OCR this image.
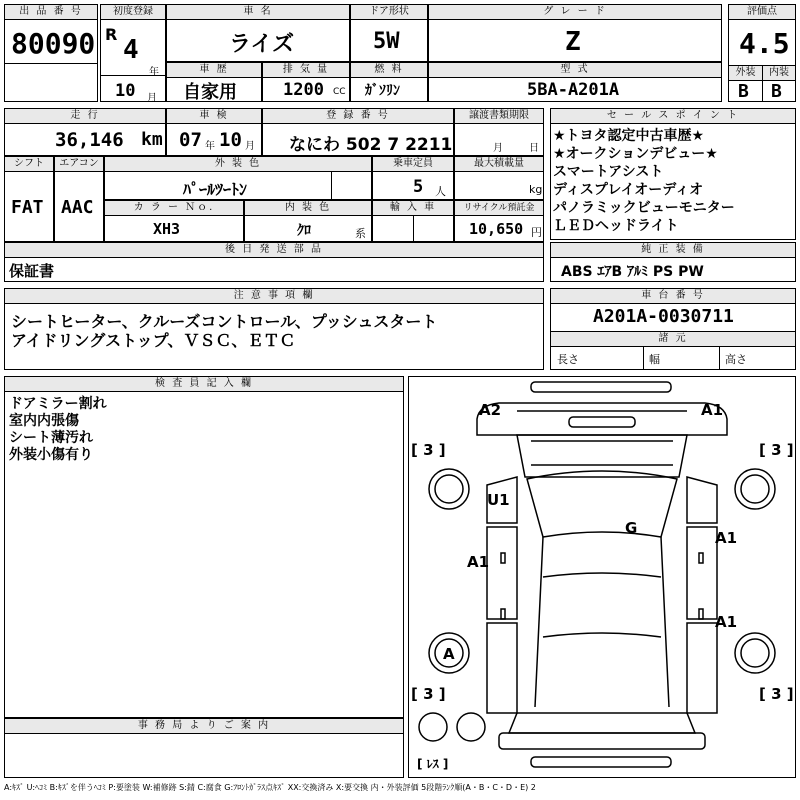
出 品 番 号
80090
初度登録
R
4
年
10 月
車 名
ライズ
ドア形状
5W
グ レ ー ド
Z
評価点
4.5
外装	内装
B B
車 歴
自家用
排 気 量
1200 CC
燃 料
ｶﾞｿﾘﾝ
型 式
5BA-A201A
走 行
36,146 km
車 検
07 年 10 月
登 録 番 号
なにわ 502 7 2211
譲渡書類期限
月	日
セ ー ル ス ポ イ ン ト
★トヨタ認定中古車歴★
★オークションデビュー★
スマートアシスト
ディスプレイオーディオ
パノラミックビューモニター
ＬＥＤヘッドライト
シフト
FAT
エアコン
AAC
外 装 色
ﾊﾟｰﾙﾂｰﾄﾝ
乗車定員
5 人
最大積載量
kg
カ ラ ー Ｎｏ.
XH3
内 装 色
ｸﾛ	系
輸 入 車	リサイクル預託金
10,650 円
後 日 発 送 部 品
保証書
純 正 装 備
ABS ｴｱB ｱﾙﾐ PS PW
注 意 事 項 欄
シートヒーター、クルーズコントロール、プッシュスタート
アイドリングストップ、ＶＳＣ、ＥＴＣ
車 台 番 号
A201A-0030711
諸 元
長さ	幅	高さ
検 査 員 記 入 欄
ドアミラー割れ
室内内張傷
シート薄汚れ
外装小傷有り
事 務 局 よ り ご 案 内
A2	A1
[ 3 ]	[ 3 ]
U1
G
A1
A1
A1
A
[ 3 ]	[ 3 ]
[ ﾚｽ ]
A:ｷｽﾞ U:ﾍｺﾐ B:ｷｽﾞを伴うﾍｺﾐ P:要塗装 W:補修跡 S:錆 C:腐食 G:ﾌﾛﾝﾄｶﾞﾗｽ点ｷｽﾞ XX:交換済み X:要交換 内・外装評価 5段階ﾗﾝｸ順(A・B・C・D・E) 2
